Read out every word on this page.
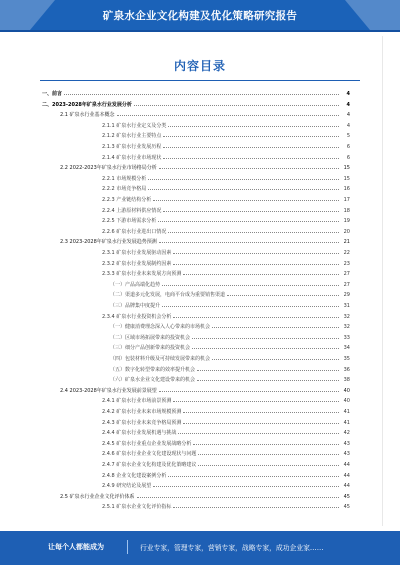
矿泉水企业文化构建及优化策略研究报告
内容目录
一、前言	4
二、2023-2028年矿泉水行业发展分析	4
2.1 矿泉水行业基本概念	4
2.1.1 矿泉水行业定义及分类	4
2.1.2 矿泉水行业主要特点	5
2.1.3 矿泉水行业发展历程	6
2.1.4 矿泉水行业市场现状	6
2.2 2022-2023年矿泉水行业市场格局分析	15
2.2.1 市场规模分析	15
2.2.2 市场竞争格局	16
2.2.3 产业链结构分析	17
2.2.4 上游原材料供应情况	18
2.2.5 下游市场需求分析	19
2.2.6 矿泉水行业进出口情况	20
2.3 2023-2028年矿泉水行业发展趋势预测	21
2.3.1 矿泉水行业发展驱动因素	22
2.3.2 矿泉水行业发展制约因素	23
2.3.3 矿泉水行业未来发展方向预测	27
（一）产品高端化趋势	27
（二）渠道多元化发展，电商平台成为重要销售渠道	29
（三）品牌集中度提升	31
2.3.4 矿泉水行业投资机会分析	32
（一）健康消费理念深入人心带来的市场机会	32
（二）区域市场拓展带来的投资机会	33
（三）细分产品创新带来的投资机会	34
（四）包装材料升级及可持续发展带来的机会	35
（五）数字化转型带来的效率提升机会	36
（六）矿泉水企业文化建设带来的机会	38
2.4 2023-2028年矿泉水行业发展前景展望	40
2.4.1 矿泉水行业市场前景预测	40
2.4.2 矿泉水行业未来市场规模预测	41
2.4.3 矿泉水行业未来竞争格局预测	41
2.4.4 矿泉水行业发展机遇与挑战	42
2.4.5 矿泉水行业重点企业发展战略分析	43
2.4.6 矿泉水行业企业文化建设现状与问题	43
2.4.7 矿泉水企业文化构建及优化策略建议	44
2.4.8 企业文化建设案例分析	44
2.4.9 研究结论及展望	44
2.5 矿泉水行业企业文化评价体系	45
2.5.1 矿泉水企业文化评价指标	45
让每个人都能成为	行业专家，管理专家，营销专家，战略专家，成功企业家……
